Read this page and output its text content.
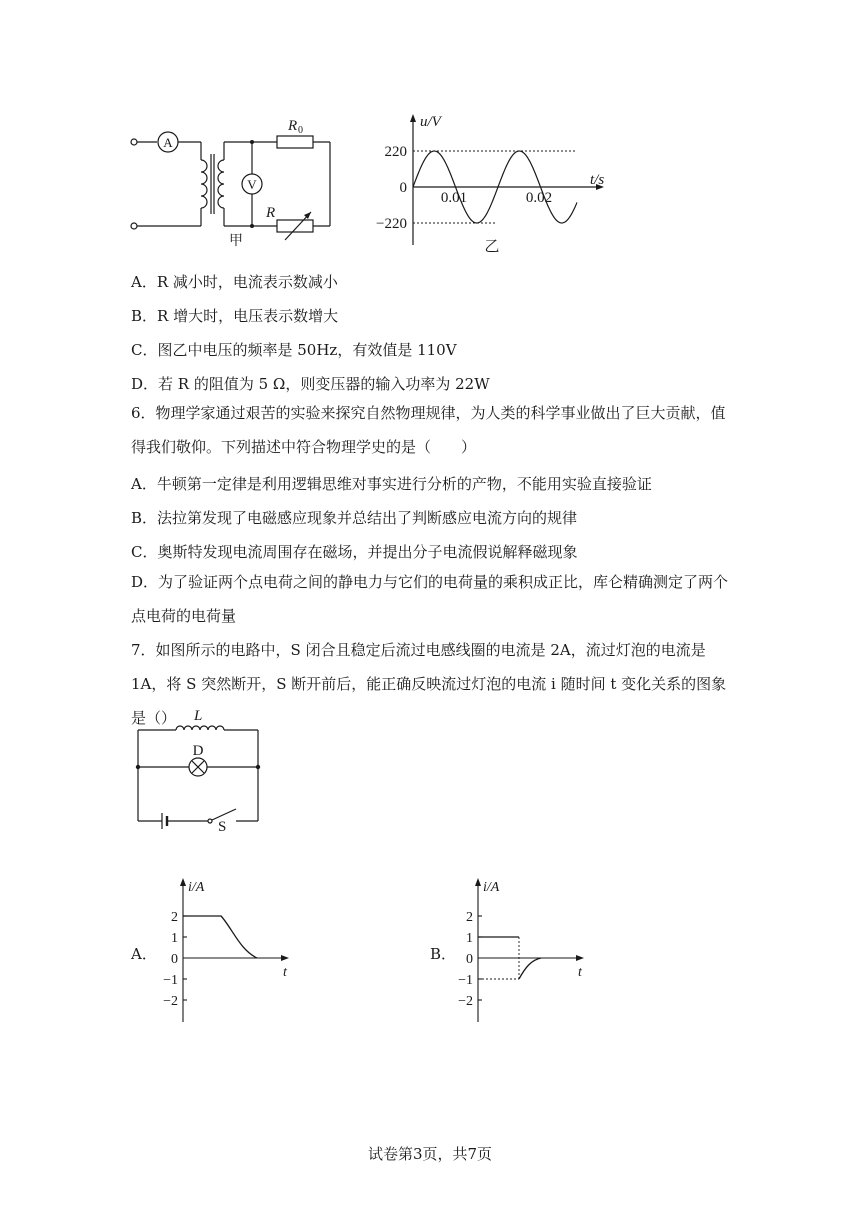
A
V
R 0
R
甲
u/V
t/s
220
0
−220
0.01	0.02
乙
A．R 减小时，电流表示数减小
B．R 增大时，电压表示数增大
C．图乙中电压的频率是 50Hz，有效值是 110V
D．若 R 的阻值为 5 Ω，则变压器的输入功率为 22W
6．物理学家通过艰苦的实验来探究自然物理规律，为人类的科学事业做出了巨大贡献，值得我们敬仰。下列描述中符合物理学史的是（　　）
A．牛顿第一定律是利用逻辑思维对事实进行分析的产物，不能用实验直接验证
B．法拉第发现了电磁感应现象并总结出了判断感应电流方向的规律
C．奥斯特发现电流周围存在磁场，并提出分子电流假说解释磁现象
D．为了验证两个点电荷之间的静电力与它们的电荷量的乘积成正比，库仑精确测定了两个点电荷的电荷量
7．如图所示的电路中，S 闭合且稳定后流过电感线圈的电流是 2A，流过灯泡的电流是 1A，将 S 突然断开，S 断开前后，能正确反映流过灯泡的电流 i 随时间 t 变化关系的图象是（）	L
D
S
A．
i/A
t
2
1
0
−1
−2
B．
i/A
t
2
1
0
−1
−2
试卷第3页，共7页
